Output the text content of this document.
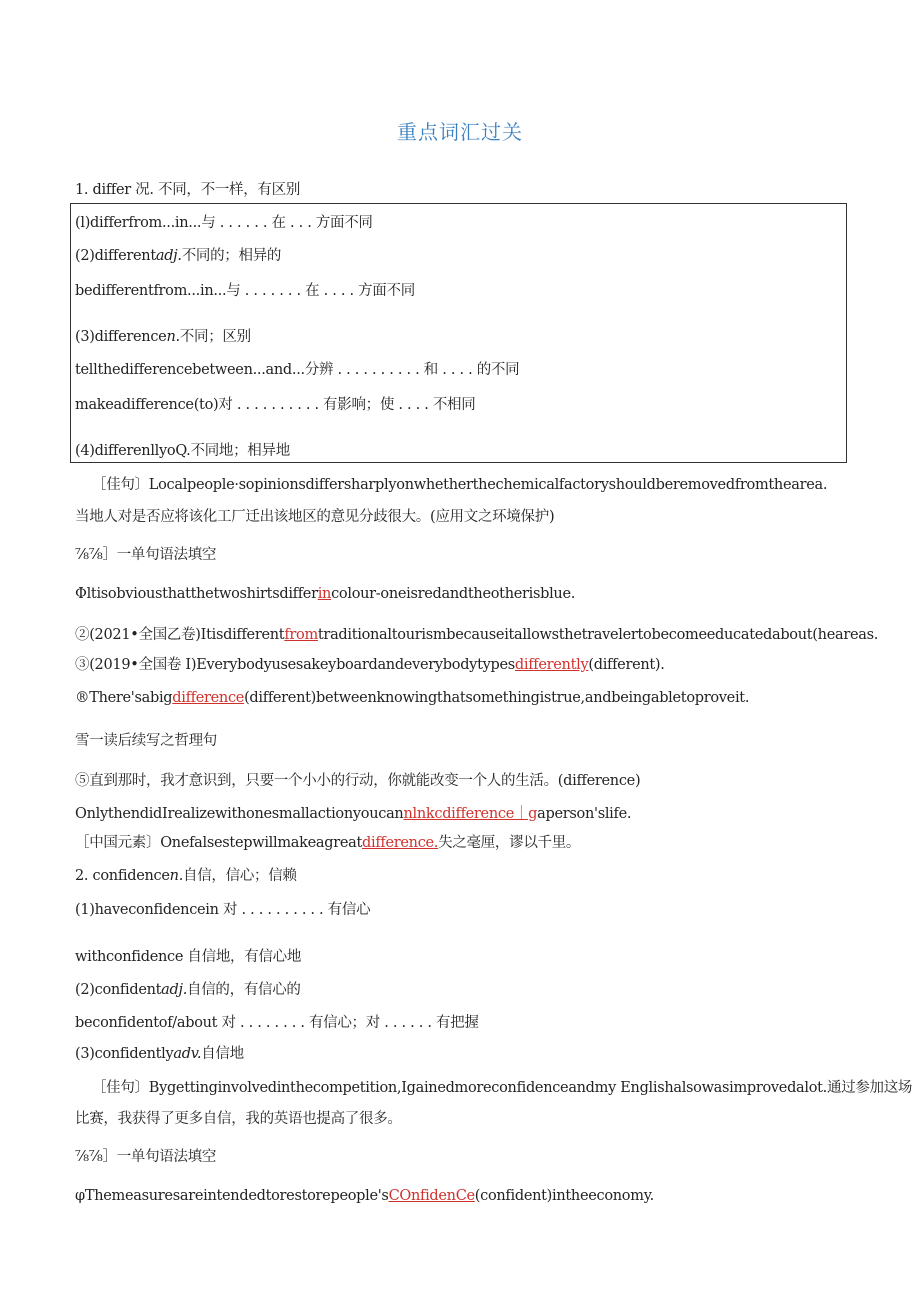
重点词汇过关
1. differ 况. 不同，不一样，有区别
(l)differfrom...in...与 . . . . . . 在 . . . 方面不同
(2)differentadj.不同的；相异的
bedifferentfrom...in...与 . . . . . . . 在 . . . . 方面不同
(3)differencen.不同；区别
tellthedifferencebetween...and...分辨 . . . . . . . . . . 和 . . . . 的不同
makeadifference(to)对 . . . . . . . . . . 有影响；使 . . . . 不相同
(4)differenllyoQ.不同地；相异地
［佳句〕Localpeople·sopinionsdiffersharplyonwhetherthechemicalfactoryshouldberemovedfromthearea.
当地人对是否应将该化工厂迁出该地区的意见分歧很大。(应用文之环境保护)
⅞⅞］一单句语法填空
Φltisobviousthatthetwoshirtsdifferincolour-oneisredandtheotherisblue.
②(2021•全国乙卷)Itisdifferentfromtraditionaltourismbecauseitallowsthetravelertobecomeeducatedabout(heareas.
③(2019•全国卷 I)Everybodyusesakeyboardandeverybodytypesdifferently(different).
®There'sabigdifference(different)betweenknowingthatsomethingistrue,andbeingabletoproveit.
雪一读后续写之哲理句
⑤直到那时，我才意识到，只要一个小小的行动，你就能改变一个人的生活。(difference)
OnlythendidIrealizewithonesmallactionyoucannlnkcdifference｜gaperson'slife.
［中国元素〕Onefalsestepwillmakeagreatdifference.失之毫厘，谬以千里。
2. confidencen.自信，信心；信赖
(1)haveconfidencein 对 . . . . . . . . . . 有信心
withconfidence 自信地，有信心地
(2)confidentadj.自信的，有信心的
beconfidentof/about 对 . . . . . . . . 有信心；对 . . . . . . 有把握
(3)confidentlyadv.自信地
［佳句〕Bygettinginvolvedinthecompetition,Igainedmoreconfidenceandmy Englishalsowasimprovedalot.通过参加这场
比赛，我获得了更多自信，我的英语也提高了很多。
⅞⅞］一单句语法填空
φThemeasuresareintendedtorestorepeople'sCOnfidenCe(confident)intheeconomy.
